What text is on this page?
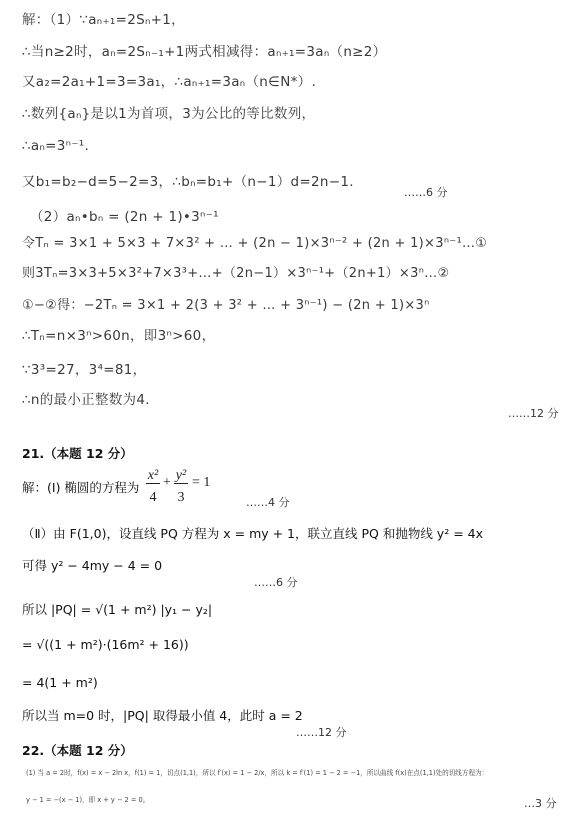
解：（1）∵aₙ₊₁=2Sₙ+1，
∴当n≥2时，aₙ=2Sₙ₋₁+1两式相减得：aₙ₊₁=3aₙ（n≥2）
又a₂=2a₁+1=3=3a₁，∴aₙ₊₁=3aₙ（n∈N*）.
∴数列{aₙ}是以1为首项，3为公比的等比数列，
∴aₙ=3ⁿ⁻¹.
又b₁=b₂−d=5−2=3，∴bₙ=b₁+（n−1）d=2n−1.
……6 分
（2）aₙ•bₙ = (2n + 1)•3ⁿ⁻¹
令Tₙ = 3×1 + 5×3 + 7×3² + … + (2n − 1)×3ⁿ⁻² + (2n + 1)×3ⁿ⁻¹…①
则3Tₙ=3×3+5×3²+7×3³+…+（2n−1）×3ⁿ⁻¹+（2n+1）×3ⁿ…②
①−②得：−2Tₙ = 3×1 + 2(3 + 3² + … + 3ⁿ⁻¹) − (2n + 1)×3ⁿ
∴Tₙ=n×3ⁿ>60n，即3ⁿ>60，
∵3³=27，3⁴=81，
∴n的最小正整数为4.
……12 分
21.（本题 12 分）
解：(Ⅰ) 椭圆的方程为
x²
4
+ y²
3
= 1
……4 分
（Ⅱ）由 F(1,0)，设直线 PQ 方程为 x = my + 1，联立直线 PQ 和抛物线 y² = 4x
可得 y² − 4my − 4 = 0
……6 分
所以 |PQ| = √(1 + m²) |y₁ − y₂|
= √((1 + m²)·(16m² + 16))
= 4(1 + m²)
所以当 m=0 时，|PQ| 取得最小值 4，此时 a = 2
……12 分
22.（本题 12 分）
(1) 当 a = 2时，f(x) = x − 2ln x，f(1) = 1，切点(1,1)，所以 f′(x) = 1 − 2/x，所以 k = f′(1) = 1 − 2 = −1，所以曲线 f(x)在点(1,1)处的切线方程为：
y − 1 = −(x − 1)，即 x + y − 2 = 0。	…3 分
